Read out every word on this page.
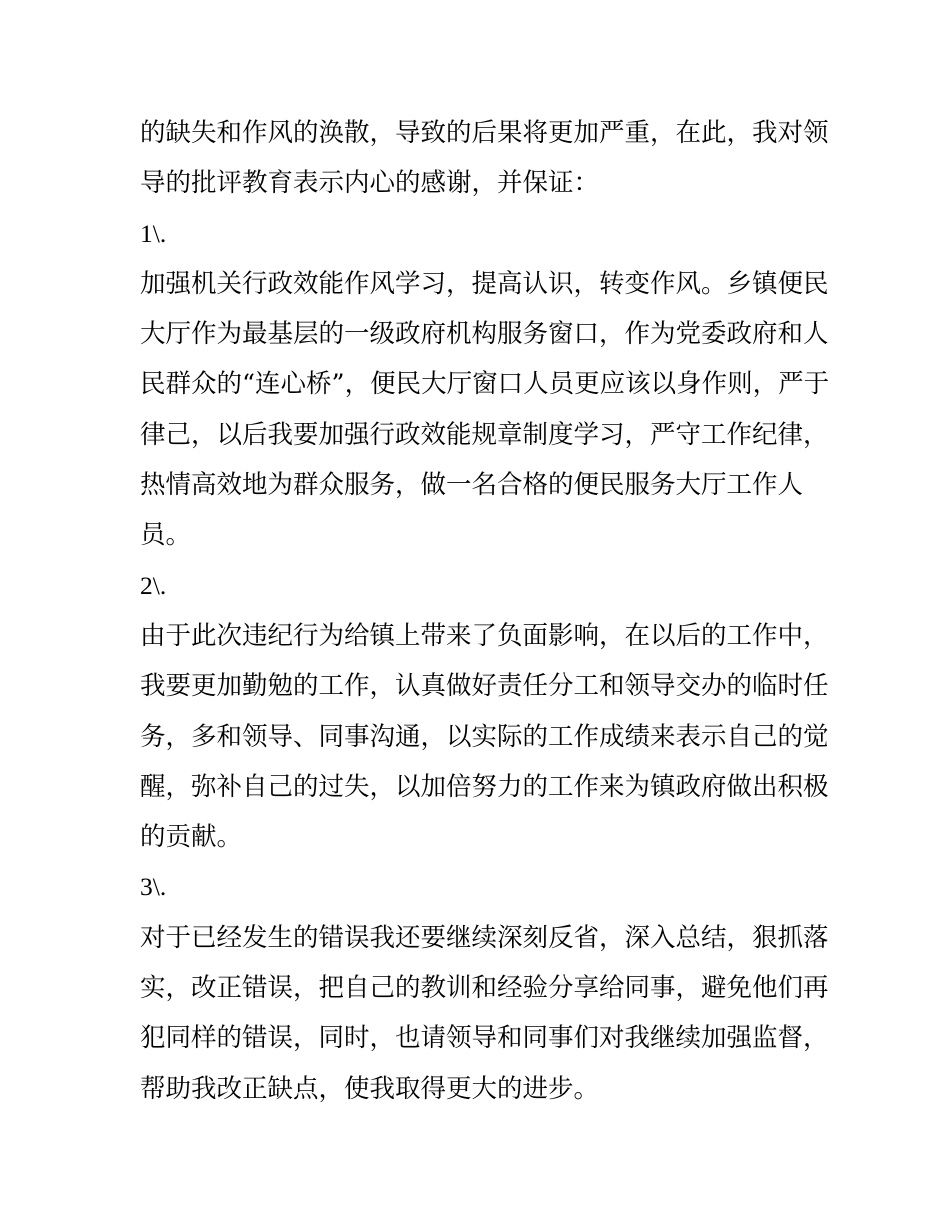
的缺失和作风的涣散，导致的后果将更加严重，在此，我对领
导的批评教育表示内心的感谢，并保证：
1\.
加强机关行政效能作风学习，提高认识，转变作风。乡镇便民
大厅作为最基层的一级政府机构服务窗口，作为党委政府和人
民群众的“连心桥”，便民大厅窗口人员更应该以身作则，严于
律己，以后我要加强行政效能规章制度学习，严守工作纪律，
热情高效地为群众服务，做一名合格的便民服务大厅工作人
员。
2\.
由于此次违纪行为给镇上带来了负面影响，在以后的工作中，
我要更加勤勉的工作，认真做好责任分工和领导交办的临时任
务，多和领导、同事沟通，以实际的工作成绩来表示自己的觉
醒，弥补自己的过失，以加倍努力的工作来为镇政府做出积极
的贡献。
3\.
对于已经发生的错误我还要继续深刻反省，深入总结，狠抓落
实，改正错误，把自己的教训和经验分享给同事，避免他们再
犯同样的错误，同时，也请领导和同事们对我继续加强监督，
帮助我改正缺点，使我取得更大的进步。
